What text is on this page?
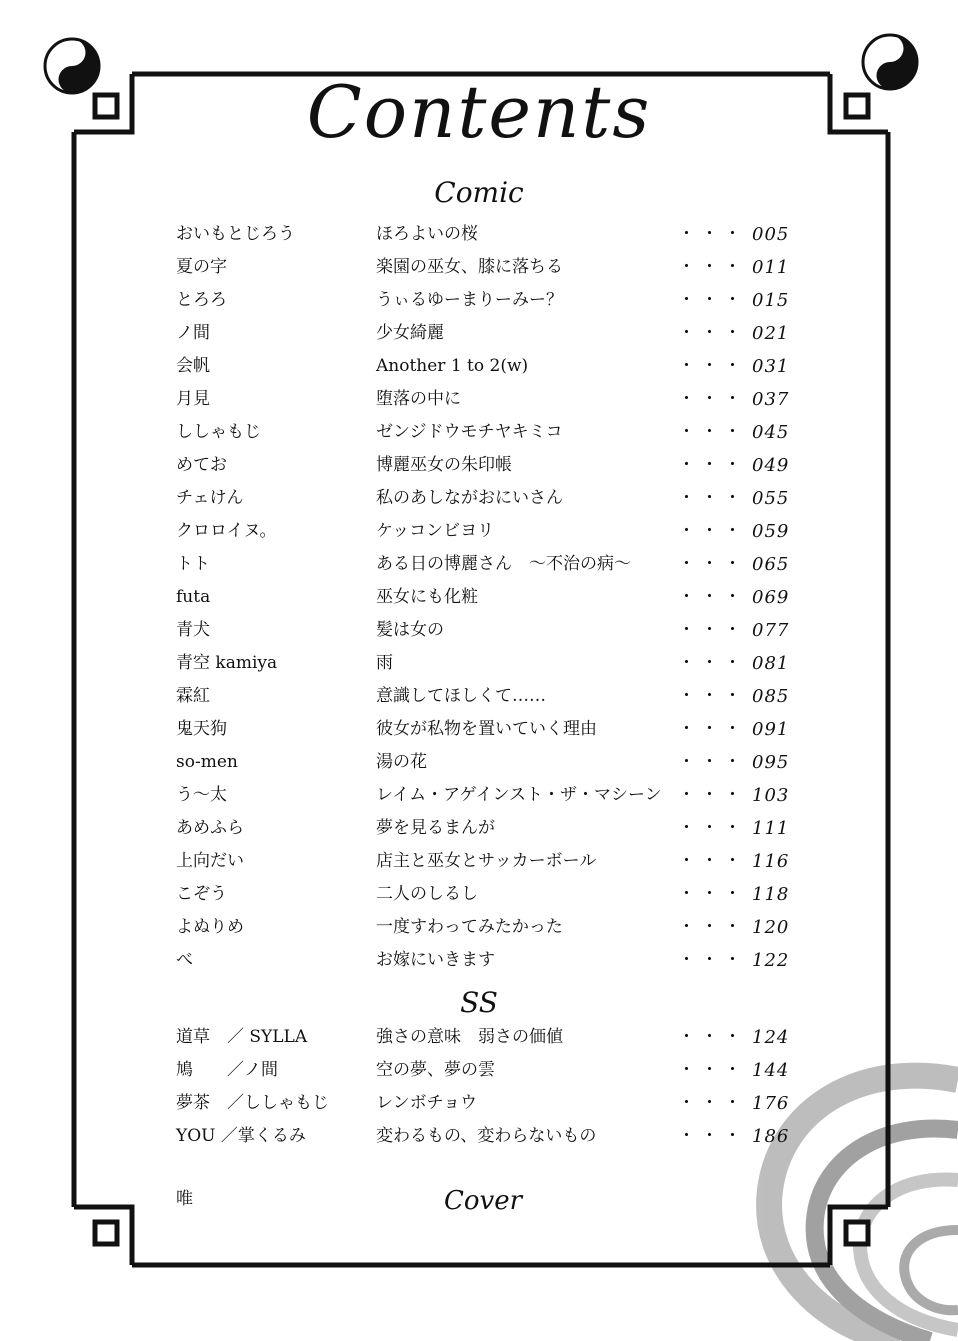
Contents
Comic
おいもとじろう	ほろよいの桜	・・・ 005
夏の字	楽園の巫女、膝に落ちる	・・・ 011
とろろ	うぃるゆーまりーみー？	・・・ 015
ノ間	少女綺麗	・・・ 021
会帆	Another 1 to 2(w)	・・・ 031
月見	堕落の中に	・・・ 037
ししゃもじ	ゼンジドウモチヤキミコ	・・・ 045
めてお	博麗巫女の朱印帳	・・・ 049
チェけん	私のあしながおにいさん	・・・ 055
クロロイヌ。	ケッコンビヨリ	・・・ 059
トト	ある日の博麗さん　～不治の病～	・・・ 065
futa	巫女にも化粧	・・・ 069
青犬	髪は女の	・・・ 077
青空 kamiya	雨	・・・ 081
霖紅	意識してほしくて……	・・・ 085
鬼天狗	彼女が私物を置いていく理由	・・・ 091
so-men	湯の花	・・・ 095
う～太	レイム・アゲインスト・ザ・マシーン ・・・ 103
あめふら	夢を見るまんが	・・・ 111
上向だい	店主と巫女とサッカーボール	・・・ 116
こぞう	二人のしるし	・・・ 118
よぬりめ	一度すわってみたかった	・・・ 120
べ	お嫁にいきます	・・・ 122
SS
道草　／ SYLLA	強さの意味　弱さの価値	・・・ 124
鳩　　／ノ間	空の夢、夢の雲	・・・ 144
夢茶　／ししゃもじ	レンボチョウ	・・・ 176
YOU ／掌くるみ	変わるもの、変わらないもの	・・・ 186
唯	Cover
